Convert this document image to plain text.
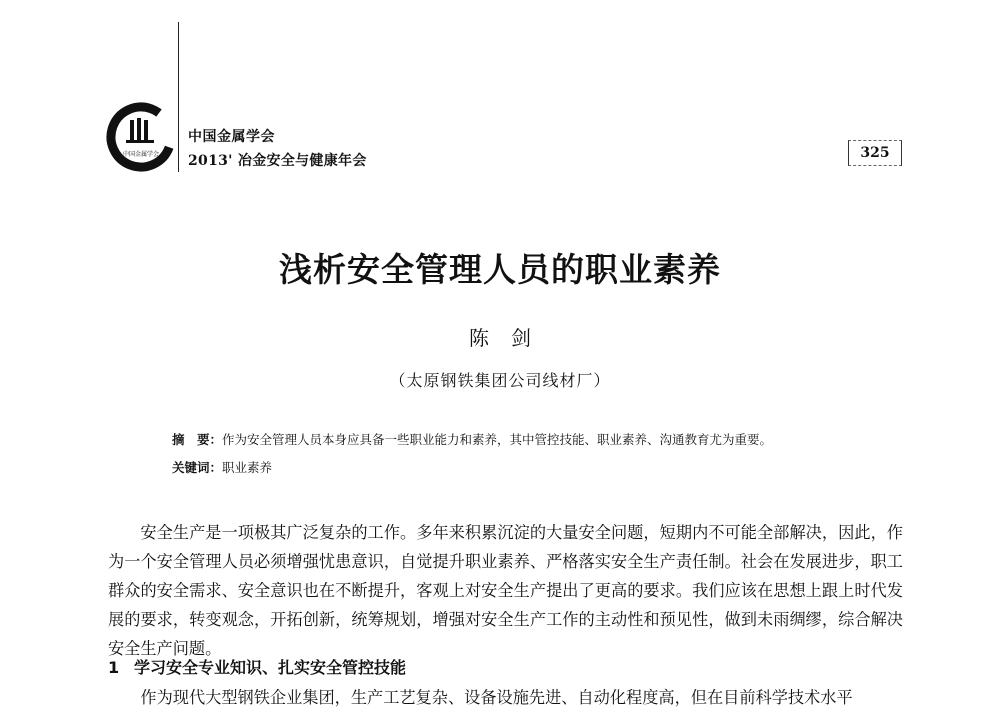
中国金属学会
中国金属学会
2013' 冶金安全与健康年会	325
浅析安全管理人员的职业素养
陈剑
（太原钢铁集团公司线材厂）
摘　要：作为安全管理人员本身应具备一些职业能力和素养，其中管控技能、职业素养、沟通教育尤为重要。
关键词：职业素养

安全生产是一项极其广泛复杂的工作。多年来积累沉淀的大量安全问题，短期内不可能全部解决，因此，作为一个安全管理人员必须增强忧患意识，自觉提升职业素养、严格落实安全生产责任制。社会在发展进步，职工群众的安全需求、安全意识也在不断提升，客观上对安全生产提出了更高的要求。我们应该在思想上跟上时代发展的要求，转变观念，开拓创新，统筹规划，增强对安全生产工作的主动性和预见性，做到未雨绸缪，综合解决安全生产问题。

1 学习安全专业知识、扎实安全管控技能

作为现代大型钢铁企业集团，生产工艺复杂、设备设施先进、自动化程度高，但在目前科学技术水平
